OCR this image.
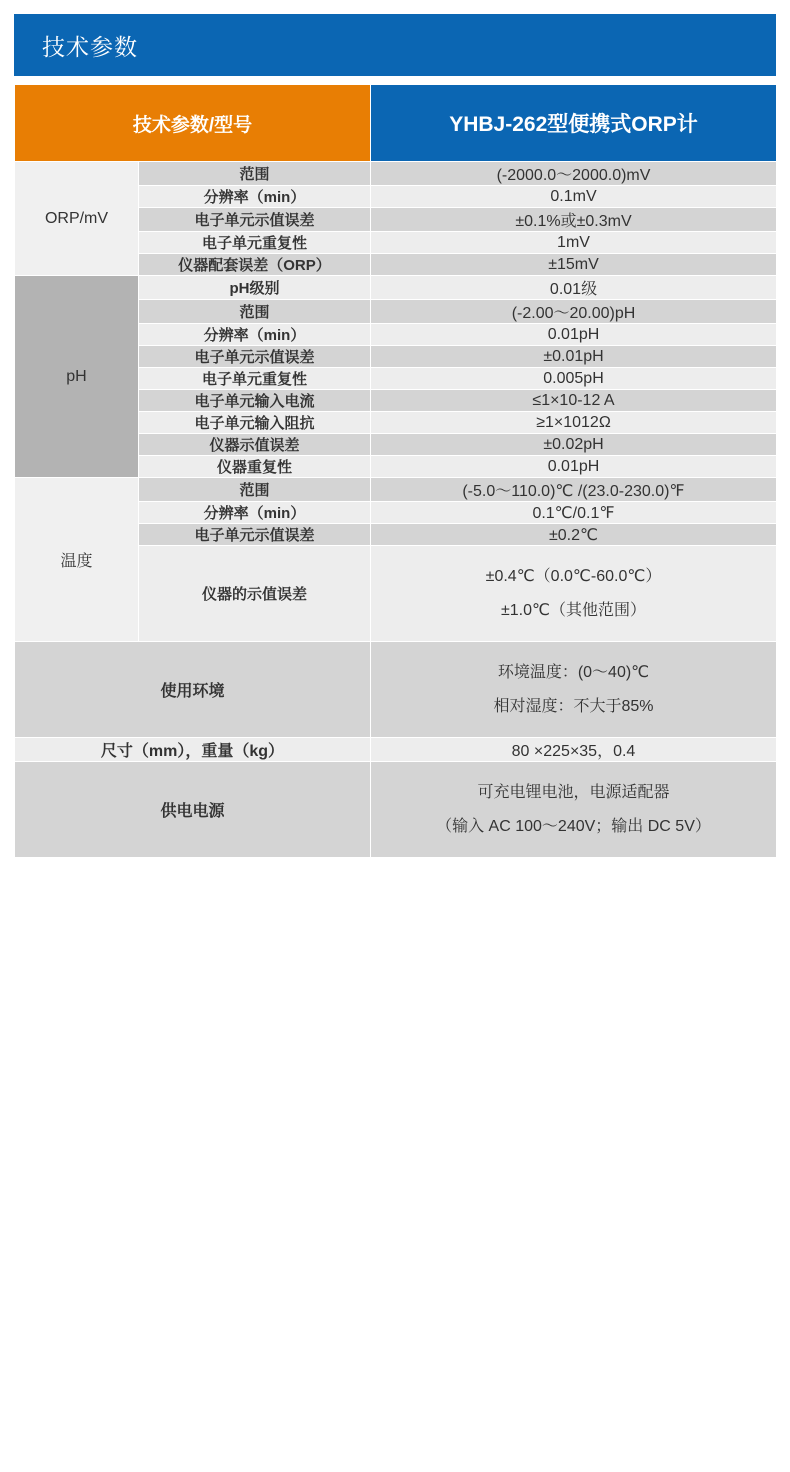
技术参数
技术参数/型号		YHBJ-262型便携式ORP计
ORP/mV	范围	(-2000.0～2000.0)mV
	分辨率（min）	0.1mV
	电子单元示值误差	±0.1%或±0.3mV
	电子单元重复性	1mV
	仪器配套误差（ORP）	±15mV
pH	pH级别	0.01级
	范围	(-2.00～20.00)pH
	分辨率（min）	0.01pH
	电子单元示值误差	±0.01pH
	电子单元重复性	0.005pH
	电子单元输入电流	≤1×10-12 A
	电子单元输入阻抗	≥1×1012Ω
	仪器示值误差	±0.02pH
	仪器重复性	0.01pH
温度	范围	(-5.0～110.0)℃ /(23.0-230.0)℉
	分辨率（min）	0.1℃/0.1℉
	电子单元示值误差	±0.2℃
	仪器的示值误差	±0.4℃（0.0℃-60.0℃）
±1.0℃（其他范围）

使用环境		环境温度：(0～40)℃
相对湿度：不大于85%

尺寸（mm），重量（kg）		80 ×225×35，0.4
供电电源		可充电锂电池，电源适配器
（输入 AC 100～240V；输出 DC 5V）
